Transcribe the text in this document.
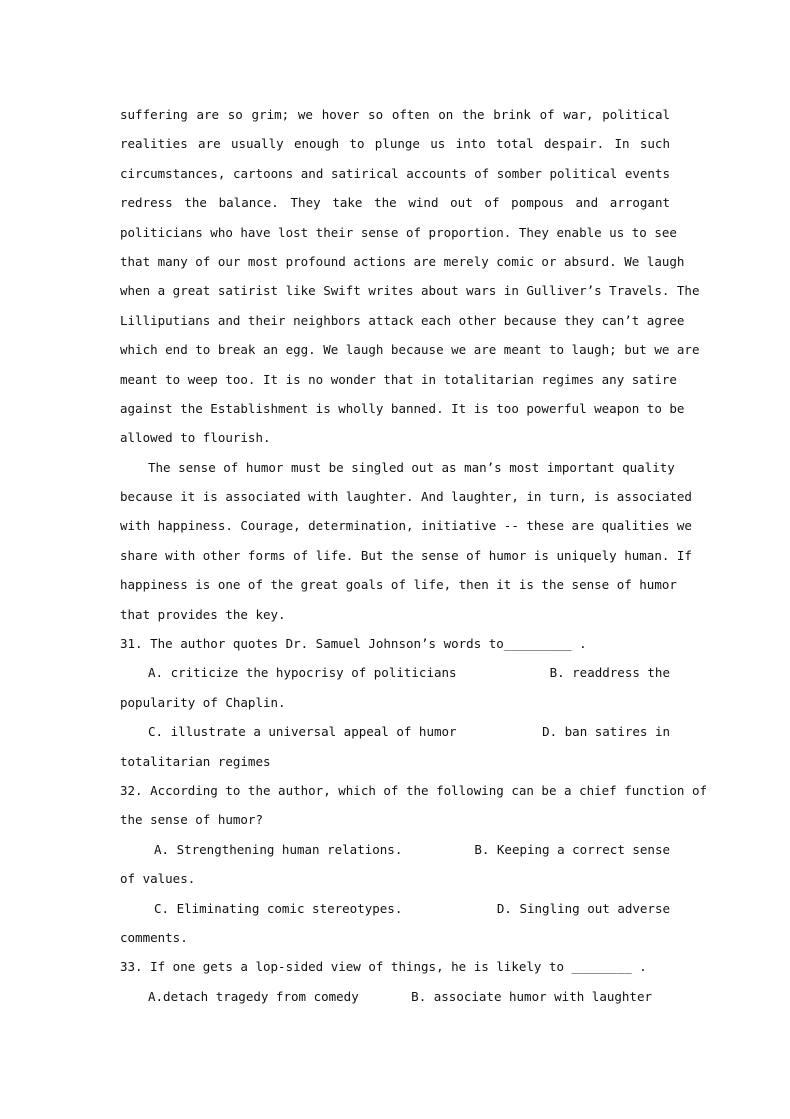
suffering are so grim; we hover so often on the brink of war, political
realities are usually enough to plunge us into total despair. In such
circumstances, cartoons and satirical accounts of somber political events
redress the balance. They take the wind out of pompous and arrogant
politicians who have lost their sense of proportion. They enable us to see
that many of our most profound actions are merely comic or absurd. We laugh
when a great satirist like Swift writes about wars in Gulliver’s Travels. The
Lilliputians and their neighbors attack each other because they can’t agree
which end to break an egg. We laugh because we are meant to laugh; but we are
meant to weep too. It is no wonder that in totalitarian regimes any satire
against the Establishment is wholly banned. It is too powerful weapon to be
allowed to flourish.
The sense of humor must be singled out as man’s most important quality
because it is associated with laughter. And laughter, in turn, is associated
with happiness. Courage, determination, initiative -- these are qualities we
share with other forms of life. But the sense of humor is uniquely human. If
happiness is one of the great goals of life, then it is the sense of humor
that provides the key.
31. The author quotes Dr. Samuel Johnson’s words to_________ .
A. criticize the hypocrisy of politicians	B. readdress the
popularity of Chaplin.
C. illustrate a universal appeal of humor	D. ban satires in
totalitarian regimes
32. According to the author, which of the following can be a chief function of
the sense of humor?
A. Strengthening human relations.	B. Keeping a correct sense
of values.
C. Eliminating comic stereotypes.	D. Singling out adverse
comments.
33. If one gets a lop-sided view of things, he is likely to ________ .
A.detach tragedy from comedy	B. associate humor with laughter
